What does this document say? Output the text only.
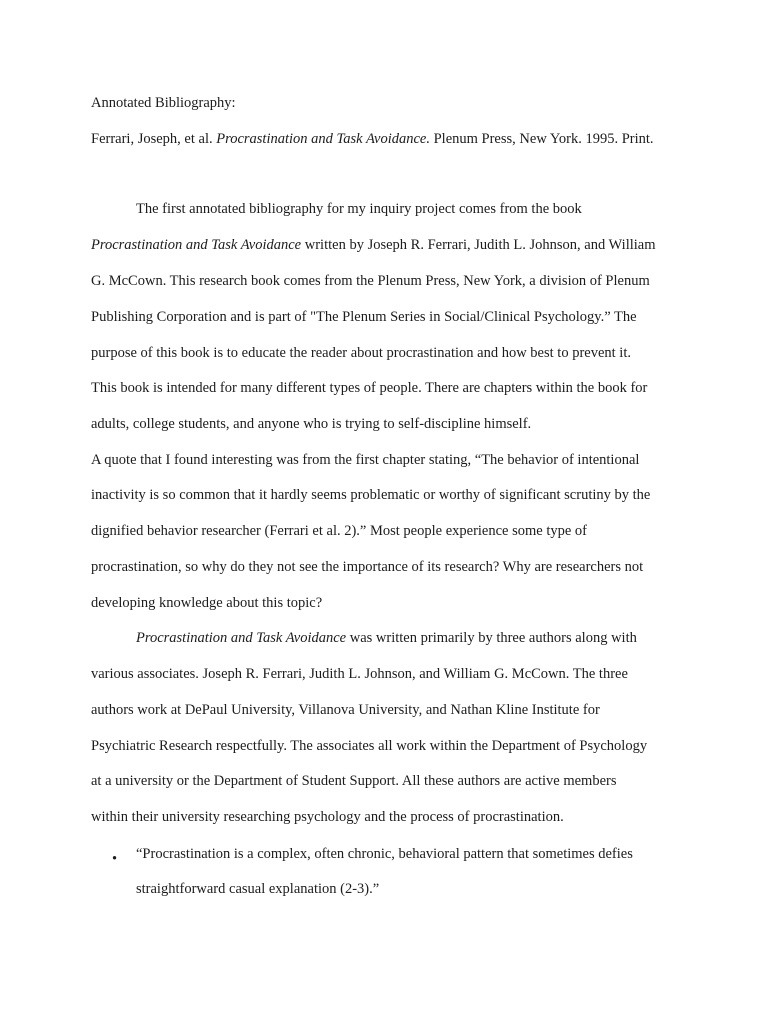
Annotated Bibliography:
Ferrari, Joseph, et al. Procrastination and Task Avoidance. Plenum Press, New York. 1995. Print.
The first annotated bibliography for my inquiry project comes from the book
Procrastination and Task Avoidance written by Joseph R. Ferrari, Judith L. Johnson, and William
G. McCown. This research book comes from the Plenum Press, New York, a division of Plenum
Publishing Corporation and is part of "The Plenum Series in Social/Clinical Psychology.” The
purpose of this book is to educate the reader about procrastination and how best to prevent it.
This book is intended for many different types of people. There are chapters within the book for
adults, college students, and anyone who is trying to self-discipline himself.
A quote that I found interesting was from the first chapter stating, “The behavior of intentional
inactivity is so common that it hardly seems problematic or worthy of significant scrutiny by the
dignified behavior researcher (Ferrari et al. 2).” Most people experience some type of
procrastination, so why do they not see the importance of its research? Why are researchers not
developing knowledge about this topic?
Procrastination and Task Avoidance was written primarily by three authors along with
various associates. Joseph R. Ferrari, Judith L. Johnson, and William G. McCown. The three
authors work at DePaul University, Villanova University, and Nathan Kline Institute for
Psychiatric Research respectfully. The associates all work within the Department of Psychology
at a university or the Department of Student Support. All these authors are active members
within their university researching psychology and the process of procrastination.
• “Procrastination is a complex, often chronic, behavioral pattern that sometimes defies
straightforward casual explanation (2-3).”
